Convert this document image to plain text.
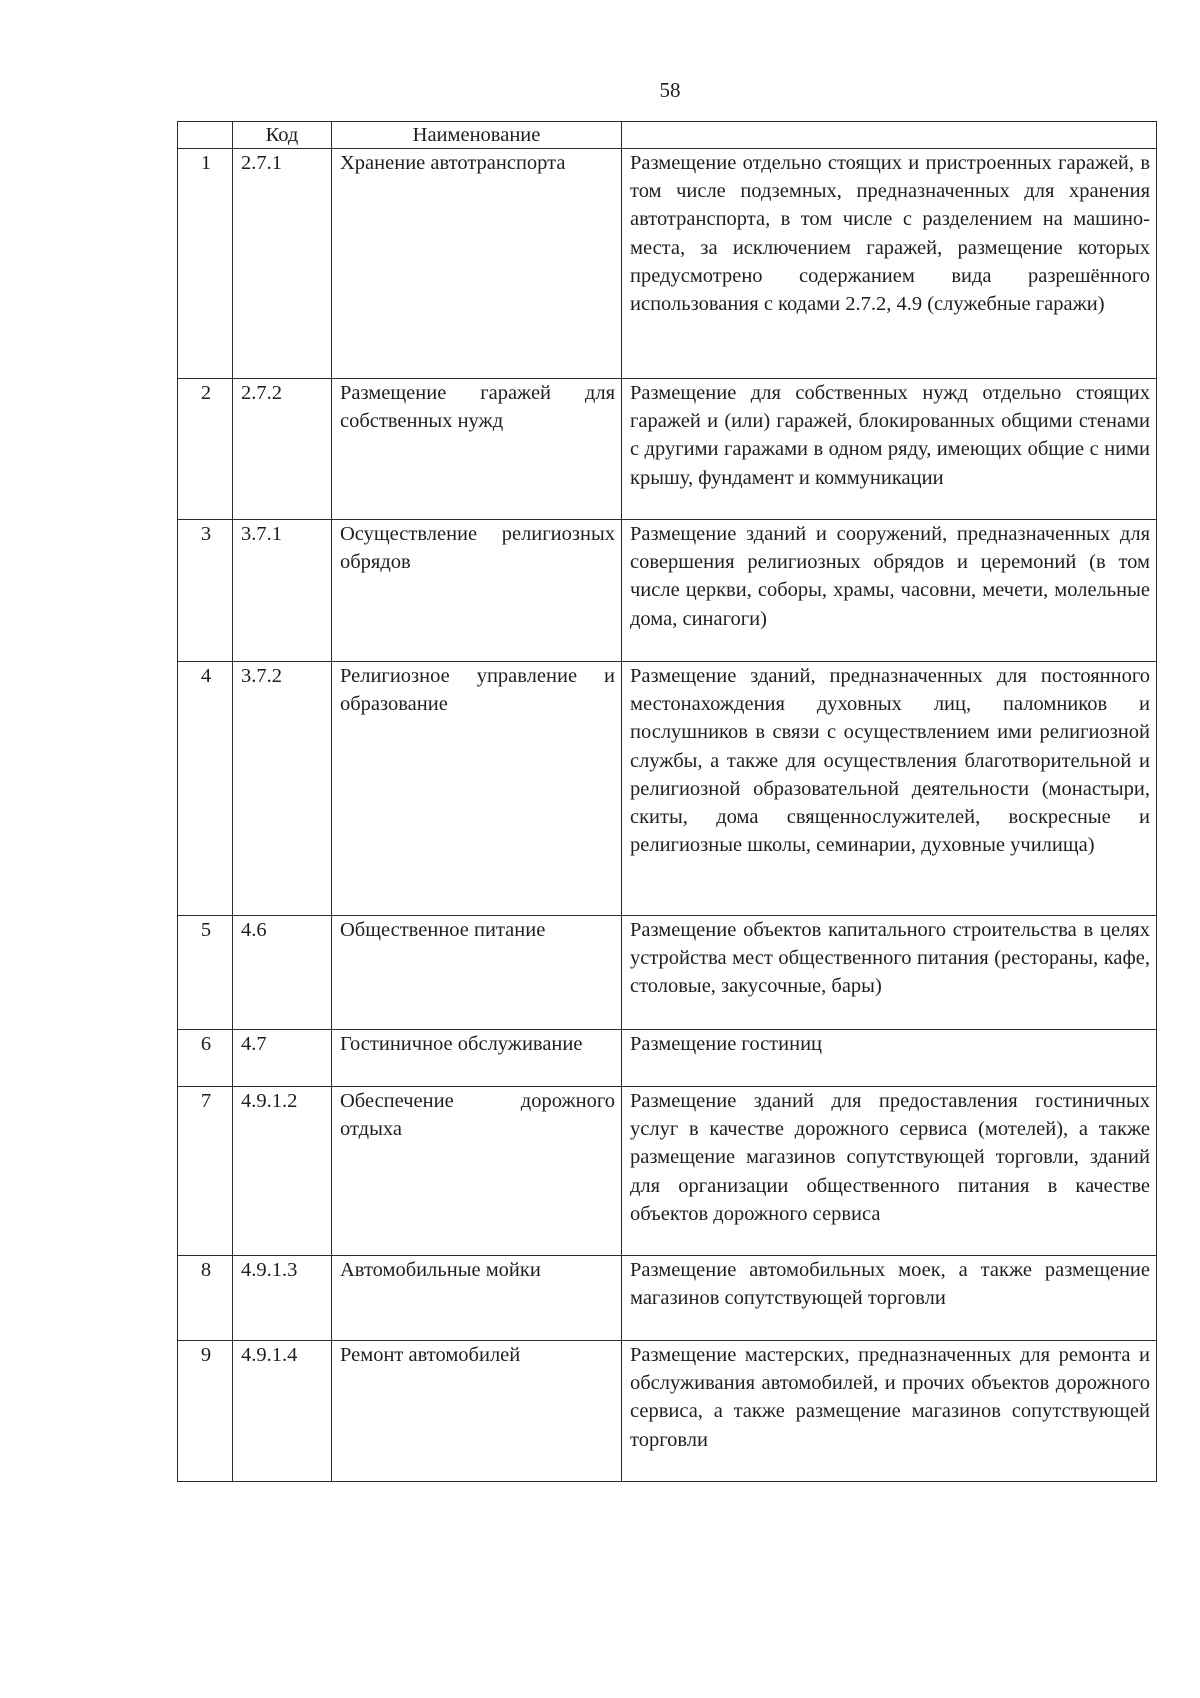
58
	Код	Наименование	
1	2.7.1	Хранение автотранспорта	Размещение отдельно стоящих и пристроенных гаражей, в том числе подземных, предназначенных для хранения автотранспорта, в том числе с разделением на машино-места, за исключением гаражей, размещение которых предусмотрено содержанием вида разрешённого использования с кодами 2.7.2, 4.9 (служебные гаражи)
2	2.7.2	Размещение гаражей для собственных нужд	Размещение для собственных нужд отдельно стоящих гаражей и (или) гаражей, блокированных общими стенами с другими гаражами в одном ряду, имеющих общие с ними крышу, фундамент и коммуникации
3	3.7.1	Осуществление религиозных обрядов	Размещение зданий и сооружений, предназначенных для совершения религиозных обрядов и церемоний (в том числе церкви, соборы, храмы, часовни, мечети, молельные дома, синагоги)
4	3.7.2	Религиозное управление и образование	Размещение зданий, предназначенных для постоянного местонахождения духовных лиц, паломников и послушников в связи с осуществлением ими религиозной службы, а также для осуществления благотворительной и религиозной образовательной деятельности (монастыри, скиты, дома священнослужителей, воскресные и религиозные школы, семинарии, духовные училища)
5	4.6	Общественное питание	Размещение объектов капитального строительства в целях устройства мест общественного питания (рестораны, кафе, столовые, закусочные, бары)
6	4.7	Гостиничное обслуживание	Размещение гостиниц
7	4.9.1.2	Обеспечение дорожного отдыха	Размещение зданий для предоставления гостиничных услуг в качестве дорожного сервиса (мотелей), а также размещение магазинов сопутствующей торговли, зданий для организации общественного питания в качестве объектов дорожного сервиса
8	4.9.1.3	Автомобильные мойки	Размещение автомобильных моек, а также размещение магазинов сопутствующей торговли
9	4.9.1.4	Ремонт автомобилей	Размещение мастерских, предназначенных для ремонта и обслуживания автомобилей, и прочих объектов дорожного сервиса, а также размещение магазинов сопутствующей торговли
